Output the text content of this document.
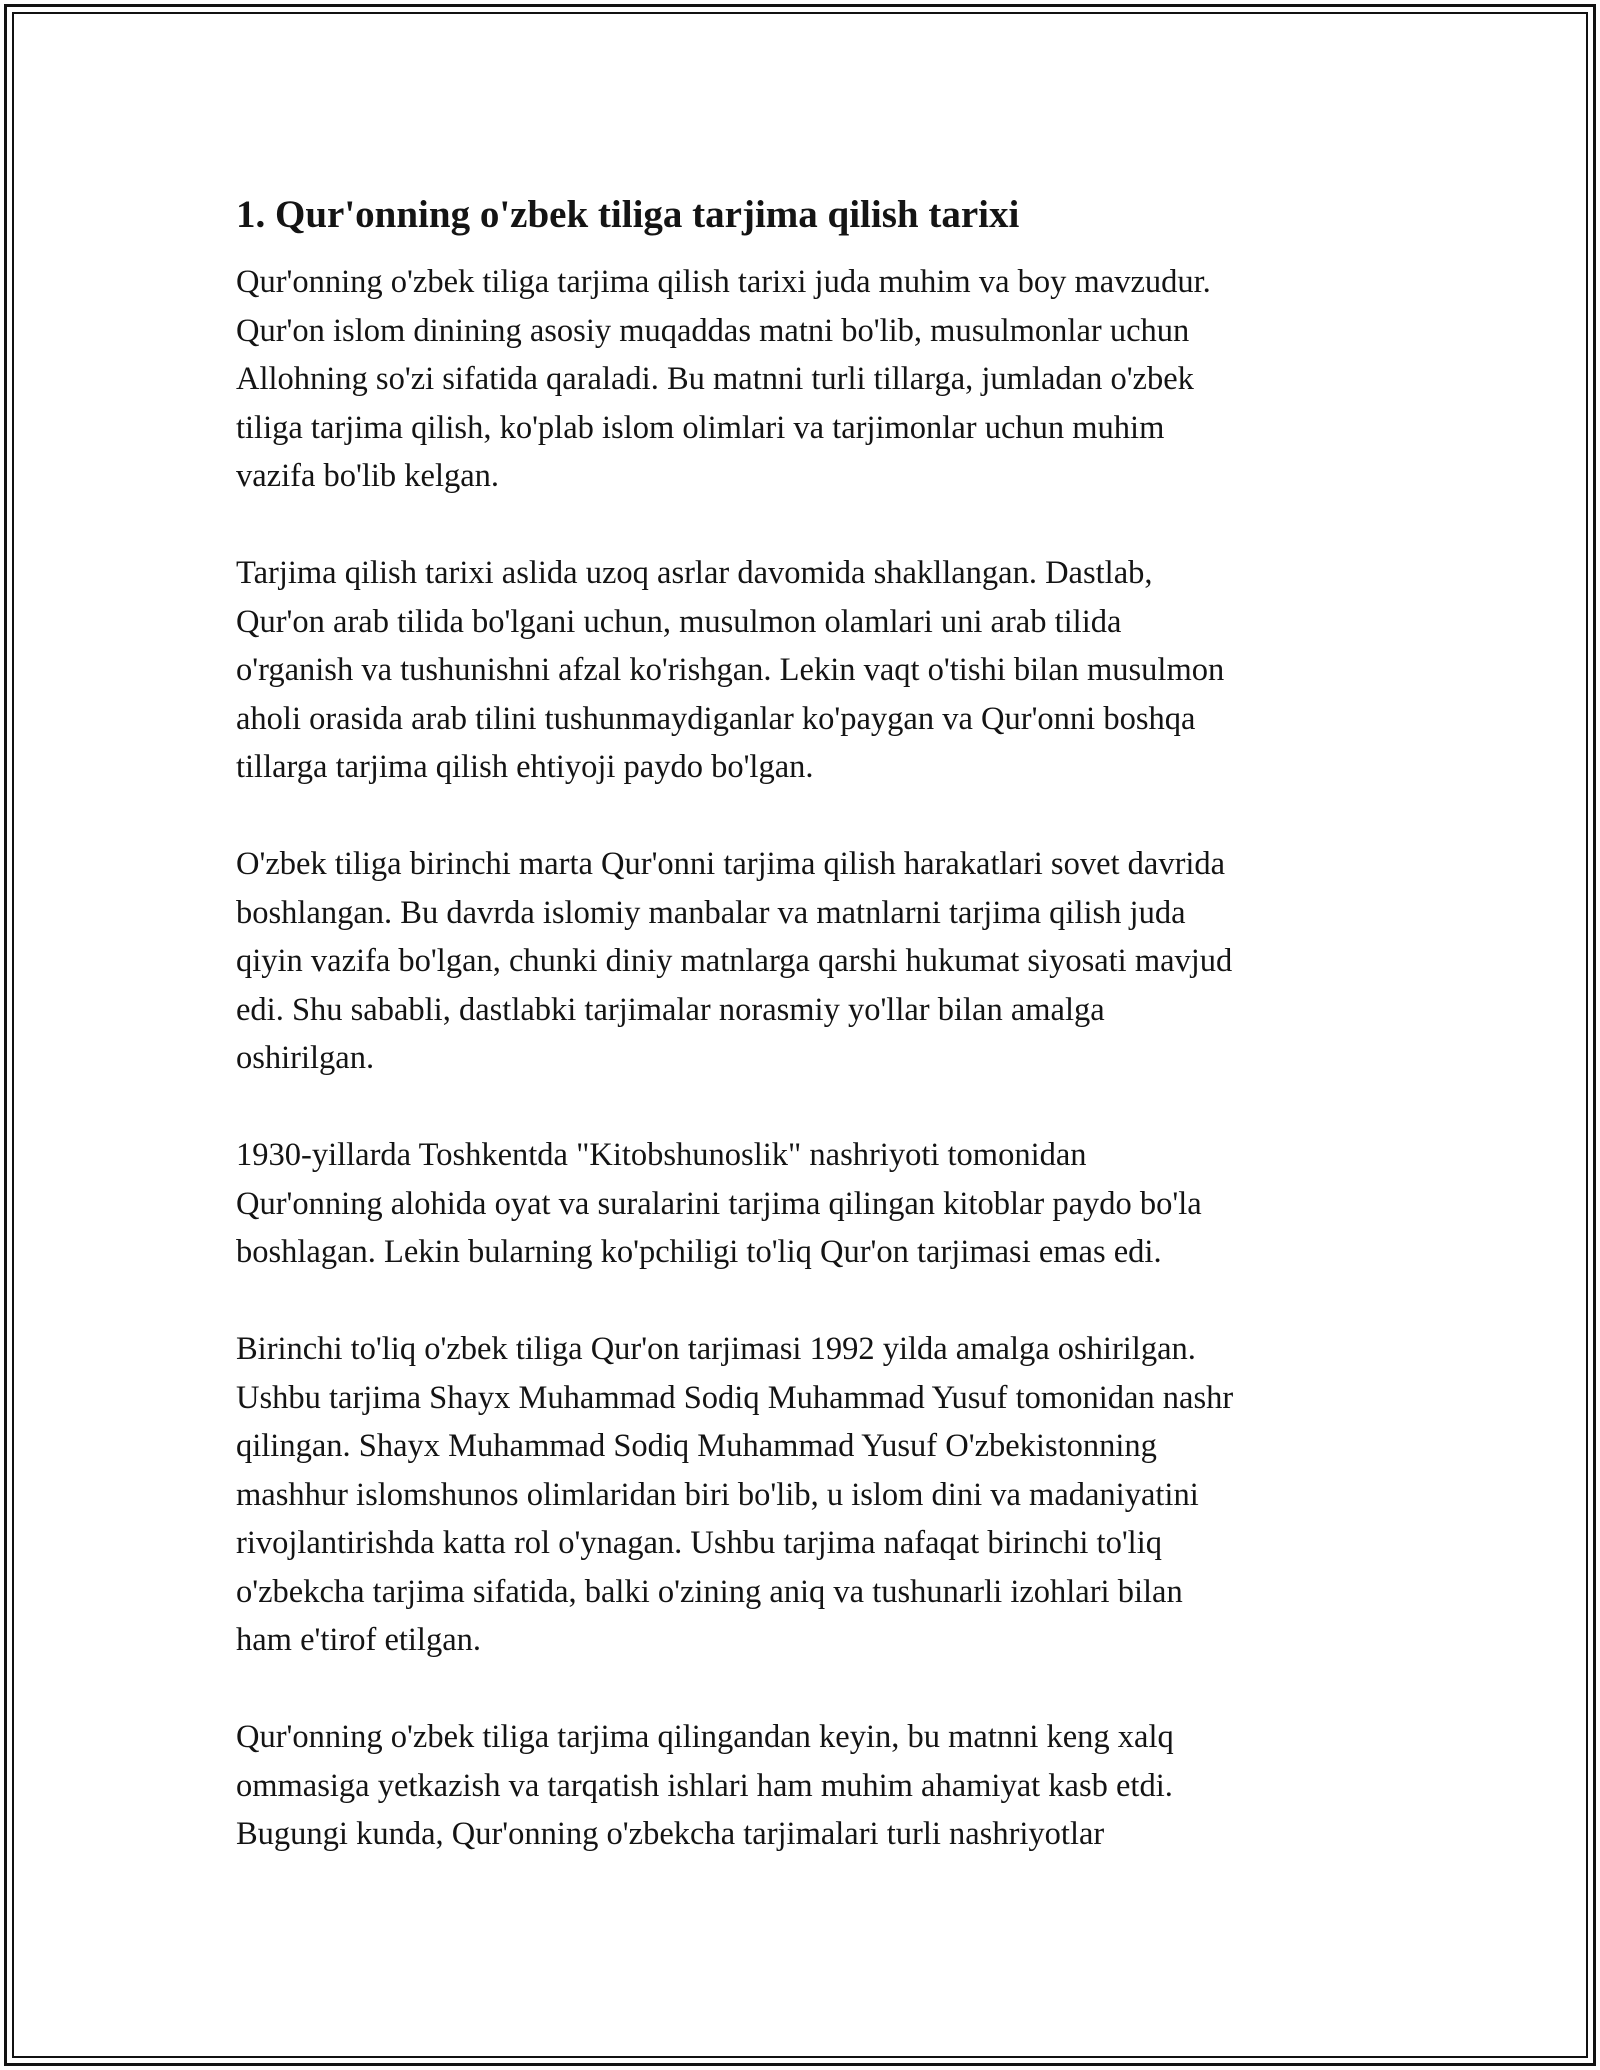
1. Qur'onning o'zbek tiliga tarjima qilish tarixi
Qur'onning o'zbek tiliga tarjima qilish tarixi juda muhim va boy mavzudur.
Qur'on islom dinining asosiy muqaddas matni bo'lib, musulmonlar uchun
Allohning so'zi sifatida qaraladi. Bu matnni turli tillarga, jumladan o'zbek
tiliga tarjima qilish, ko'plab islom olimlari va tarjimonlar uchun muhim
vazifa bo'lib kelgan.
Tarjima qilish tarixi aslida uzoq asrlar davomida shakllangan. Dastlab,
Qur'on arab tilida bo'lgani uchun, musulmon olamlari uni arab tilida
o'rganish va tushunishni afzal ko'rishgan. Lekin vaqt o'tishi bilan musulmon
aholi orasida arab tilini tushunmaydiganlar ko'paygan va Qur'onni boshqa
tillarga tarjima qilish ehtiyoji paydo bo'lgan.
O'zbek tiliga birinchi marta Qur'onni tarjima qilish harakatlari sovet davrida
boshlangan. Bu davrda islomiy manbalar va matnlarni tarjima qilish juda
qiyin vazifa bo'lgan, chunki diniy matnlarga qarshi hukumat siyosati mavjud
edi. Shu sababli, dastlabki tarjimalar norasmiy yo'llar bilan amalga
oshirilgan.
1930-yillarda Toshkentda "Kitobshunoslik" nashriyoti tomonidan
Qur'onning alohida oyat va suralarini tarjima qilingan kitoblar paydo bo'la
boshlagan. Lekin bularning ko'pchiligi to'liq Qur'on tarjimasi emas edi.
Birinchi to'liq o'zbek tiliga Qur'on tarjimasi 1992 yilda amalga oshirilgan.
Ushbu tarjima Shayx Muhammad Sodiq Muhammad Yusuf tomonidan nashr
qilingan. Shayx Muhammad Sodiq Muhammad Yusuf O'zbekistonning
mashhur islomshunos olimlaridan biri bo'lib, u islom dini va madaniyatini
rivojlantirishda katta rol o'ynagan. Ushbu tarjima nafaqat birinchi to'liq
o'zbekcha tarjima sifatida, balki o'zining aniq va tushunarli izohlari bilan
ham e'tirof etilgan.
Qur'onning o'zbek tiliga tarjima qilingandan keyin, bu matnni keng xalq
ommasiga yetkazish va tarqatish ishlari ham muhim ahamiyat kasb etdi.
Bugungi kunda, Qur'onning o'zbekcha tarjimalari turli nashriyotlar
